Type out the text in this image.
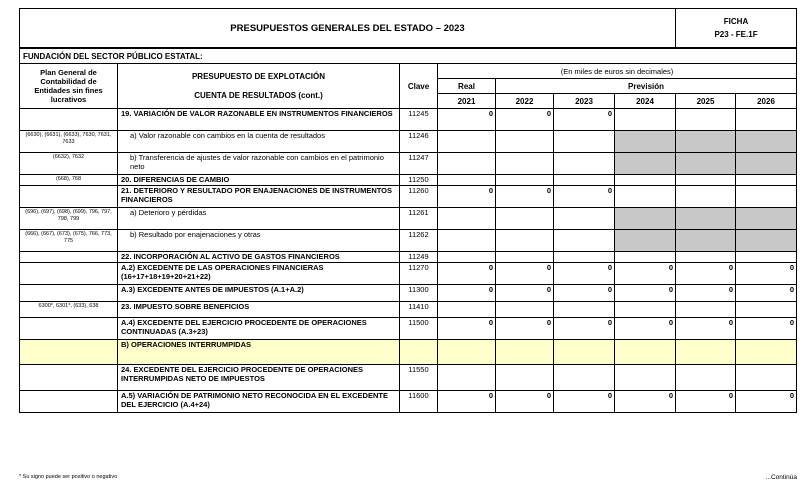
PRESUPUESTOS GENERALES DEL ESTADO – 2023							FICHA
P23 - FE.1F	

FUNDACIÓN DEL SECTOR PÚBLICO ESTATAL:								
Plan General de Contabilidad de Entidades sin fines lucrativos	PRESUPUESTO DE EXPLOTACIÓN
CUENTA DE RESULTADOS (cont.)	Clave	(En miles de euros sin decimales)					
			Real	Previsión				
			2021	2022	2023	2024	2025	2026
	19. VARIACIÓN DE VALOR RAZONABLE EN INSTRUMENTOS FINANCIEROS	11245	0	0	0			
(6630), (6631), (6633), 7630, 7631, 7633	a) Valor razonable con cambios en la cuenta de resultados	11246						
(6632), 7632	b) Transferencia de ajustes de valor razonable con cambios en el patrimonio neto	11247						
(668), 768	20. DIFERENCIAS DE CAMBIO	11250						
	21. DETERIORO Y RESULTADO POR ENAJENACIONES DE INSTRUMENTOS FINANCIEROS	11260	0	0	0			
(696), (697), (698), (699), 796, 797, 798, 799	a) Deterioro y pérdidas	11261						
(666), (667), (673), (675), 766, 773, 775	b) Resultado por enajenaciones y otras	11262						
	22. INCORPORACIÓN AL ACTIVO DE GASTOS FINANCIEROS	11249						
	A.2) EXCEDENTE DE LAS OPERACIONES FINANCIERAS (16+17+18+19+20+21+22)	11270	0	0	0	0	0	0
	A.3) EXCEDENTE ANTES DE IMPUESTOS (A.1+A.2)	11300	0	0	0	0	0	0
6300*, 6301*, (633), 638	23. IMPUESTO SOBRE BENEFICIOS	11410						
	A.4) EXCEDENTE DEL EJERCICIO PROCEDENTE DE OPERACIONES CONTINUADAS (A.3+23)	11500	0	0	0	0	0	0
	B) OPERACIONES INTERRUMPIDAS							
	24. EXCEDENTE DEL EJERCICIO PROCEDENTE DE OPERACIONES INTERRUMPIDAS NETO DE IMPUESTOS	11550						
	A.5) VARIACIÓN DE PATRIMONIO NETO RECONOCIDA EN EL EXCEDENTE DEL EJERCICIO (A.4+24)	11600	0	0	0	0	0	0
* Su signo puede ser positivo o negativo	...Continúa
